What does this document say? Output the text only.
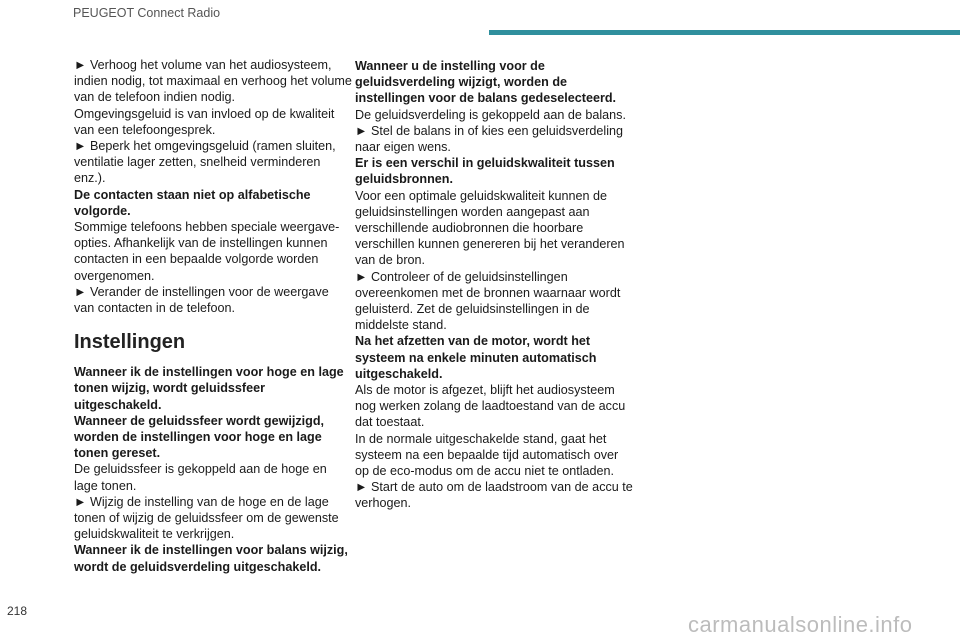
PEUGEOT Connect Radio
► Verhoog het volume van het audiosysteem, indien nodig, tot maximaal en verhoog het volume van de telefoon indien nodig.
Omgevingsgeluid is van invloed op de kwaliteit van een telefoongesprek.
► Beperk het omgevingsgeluid (ramen sluiten, ventilatie lager zetten, snelheid verminderen enz.).
De contacten staan niet op alfabetische volgorde.
Sommige telefoons hebben speciale weergave-opties. Afhankelijk van de instellingen kunnen contacten in een bepaalde volgorde worden overgenomen.
► Verander de instellingen voor de weergave van contacten in de telefoon.
Instellingen
Wanneer ik de instellingen voor hoge en lage tonen wijzig, wordt geluidssfeer uitgeschakeld.
Wanneer de geluidssfeer wordt gewijzigd, worden de instellingen voor hoge en lage tonen gereset.
De geluidssfeer is gekoppeld aan de hoge en lage tonen.
► Wijzig de instelling van de hoge en de lage tonen of wijzig de geluidssfeer om de gewenste geluidskwaliteit te verkrijgen.
Wanneer ik de instellingen voor balans wijzig, wordt de geluidsverdeling uitgeschakeld.
Wanneer u de instelling voor de geluidsverdeling wijzigt, worden de instellingen voor de balans gedeselecteerd.
De geluidsverdeling is gekoppeld aan de balans.
► Stel de balans in of kies een geluidsverdeling naar eigen wens.
Er is een verschil in geluidskwaliteit tussen geluidsbronnen.
Voor een optimale geluidskwaliteit kunnen de geluidsinstellingen worden aangepast aan verschillende audiobronnen die hoorbare verschillen kunnen genereren bij het veranderen van de bron.
► Controleer of de geluidsinstellingen overeenkomen met de bronnen waarnaar wordt geluisterd. Zet de geluidsinstellingen in de middelste stand.
Na het afzetten van de motor, wordt het systeem na enkele minuten automatisch uitgeschakeld.
Als de motor is afgezet, blijft het audiosysteem nog werken zolang de laadtoestand van de accu dat toestaat.
In de normale uitgeschakelde stand, gaat het systeem na een bepaalde tijd automatisch over op de eco-modus om de accu niet te ontladen.
► Start de auto om de laadstroom van de accu te verhogen.
218
carmanualsonline.info
